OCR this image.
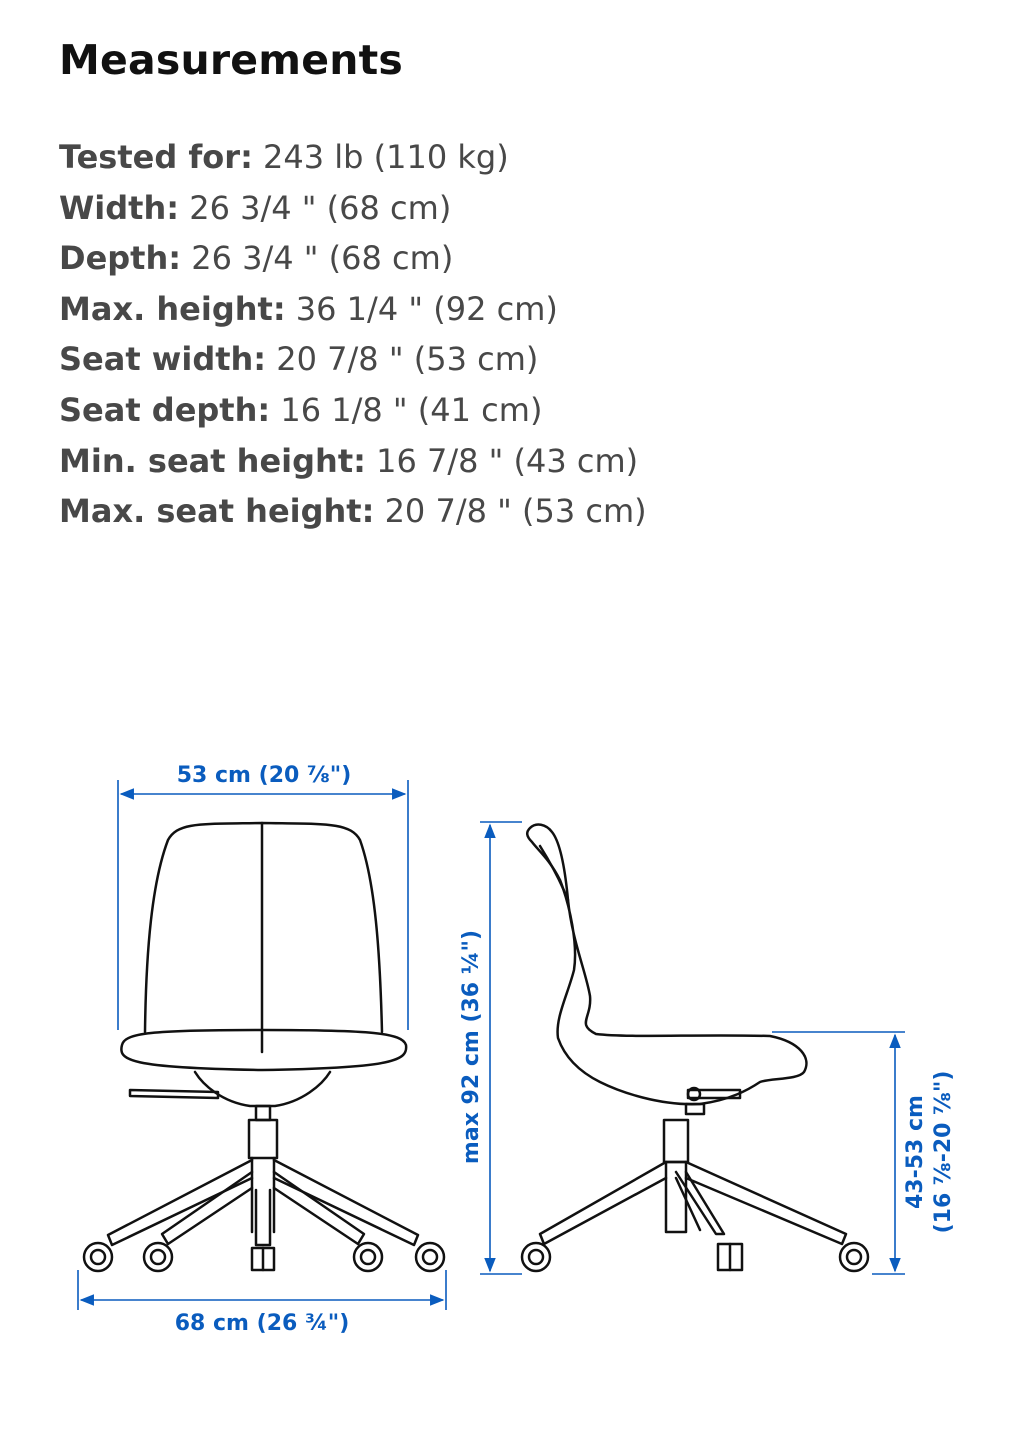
Measurements
Tested for: 243 lb (110 kg)
Width: 26 3/4 " (68 cm)
Depth: 26 3/4 " (68 cm)
Max. height: 36 1/4 " (92 cm)
Seat width: 20 7/8 " (53 cm)
Seat depth: 16 1/8 " (41 cm)
Min. seat height: 16 7/8 " (43 cm)
Max. seat height: 20 7/8 " (53 cm)
53 cm (20 ⅞")
68 cm (26 ¾")
max 92 cm (36 ¼")	43-53 cm (16 ⅞-20 ⅞")
